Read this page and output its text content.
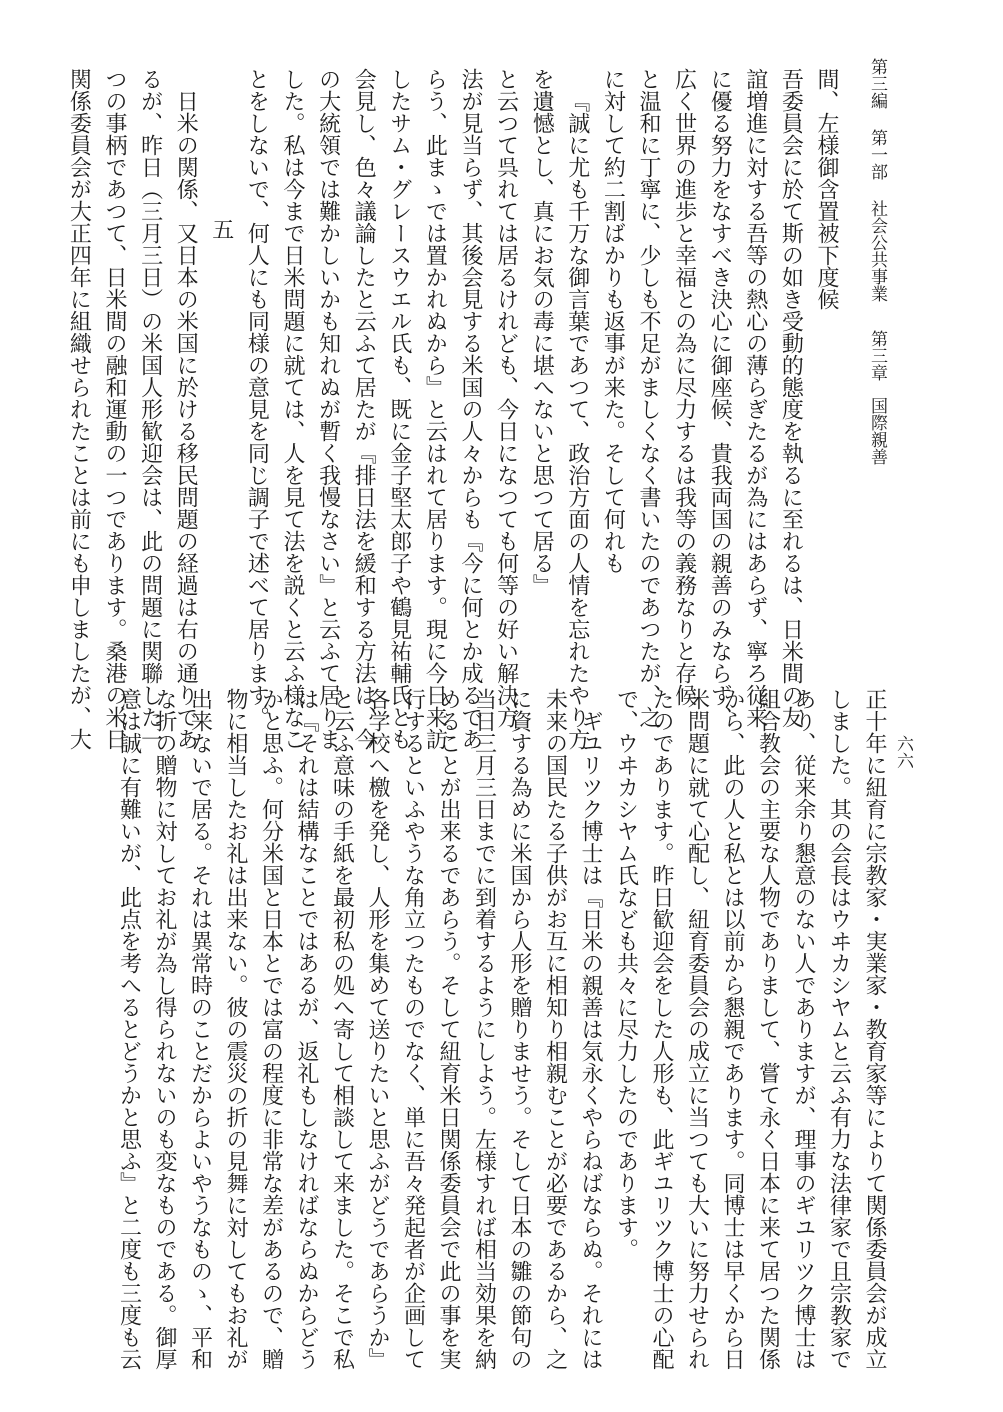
第三編第一部社会公共事業第三章国際親善
六六
間、左様御含置被下度候
吾委員会に於て斯の如き受動的態度を執るに至れるは、日米間の友
誼増進に対する吾等の熱心の薄らぎたるが為にはあらず、寧ろ従来
に優る努力をなすべき決心に御座候、貴我両国の親善のみならず、
広く世界の進歩と幸福との為に尽力するは我等の義務なりと存候
と温和に丁寧に、少しも不足がましくなく書いたのであつたが、之
に対して約二割ばかりも返事が来た。そして何れも
『誠に尤も千万な御言葉であつて、政治方面の人情を忘れたやり方
を遺憾とし、真にお気の毒に堪へないと思つて居る』
と云つて呉れては居るけれども、今日になつても何等の好い解決方
法が見当らず、其後会見する米国の人々からも『今に何とか成るであ
らう、此まゝでは置かれぬから』と云はれて居ります。現に今日来訪
したサム・グレースウエル氏も、既に金子堅太郎子や鶴見祐輔氏とも
会見し、色々議論したと云ふて居たが『排日法を緩和する方法は、今
の大統領では難かしいかも知れぬが暫く我慢なさい』と云ふて居りま
した。私は今まで日米問題に就ては、人を見て法を説くと云ふ様なこ
とをしないで、何人にも同様の意見を同じ調子で述べて居ります。
五
日米の関係、又日本の米国に於ける移民問題の経過は右の通りであ
るが、昨日（三月三日）の米国人形歓迎会は、此の問題に関聯した一
つの事柄であつて、日米間の融和運動の一つであります。桑港の米日
関係委員会が大正四年に組織せられたことは前にも申しましたが、大
正十年に紐育に宗教家・実業家・教育家等によりて関係委員会が成立
しました。其の会長はウヰカシヤムと云ふ有力な法律家で且宗教家で
あり、従来余り懇意のない人でありますが、理事のギユリツク博士は
組合教会の主要な人物でありまして、嘗て永く日本に来て居つた関係
から、此の人と私とは以前から懇親であります。同博士は早くから日
米問題に就て心配し、紐育委員会の成立に当つても大いに努力せられ
たのであります。昨日歓迎会をした人形も、此ギユリツク博士の心配
で、ウヰカシヤム氏なども共々に尽力したのであります。
ギユリツク博士は『日米の親善は気永くやらねばならぬ。それには
未来の国民たる子供がお互に相知り相親むことが必要であるから、之
に資する為めに米国から人形を贈りませう。そして日本の雛の節句の
当日三月三日までに到着するようにしよう。左様すれば相当効果を納
めることが出来るであらう。そして紐育米日関係委員会で此の事を実
行するといふやうな角立つたものでなく、単に吾々発起者が企画して
各学校へ檄を発し、人形を集めて送りたいと思ふがどうであらうか』
と云ふ意味の手紙を最初私の処へ寄して相談して来ました。そこで私
は『それは結構なことではあるが、返礼もしなければならぬからどう
かと思ふ。何分米国と日本とでは富の程度に非常な差があるので、贈
物に相当したお礼は出来ない。彼の震災の折の見舞に対してもお礼が
出来ないで居る。それは異常時のことだからよいやうなものゝ、平和
な折の贈物に対してお礼が為し得られないのも変なものである。御厚
意は誠に有難いが、此点を考へるとどうかと思ふ』と二度も三度も云
